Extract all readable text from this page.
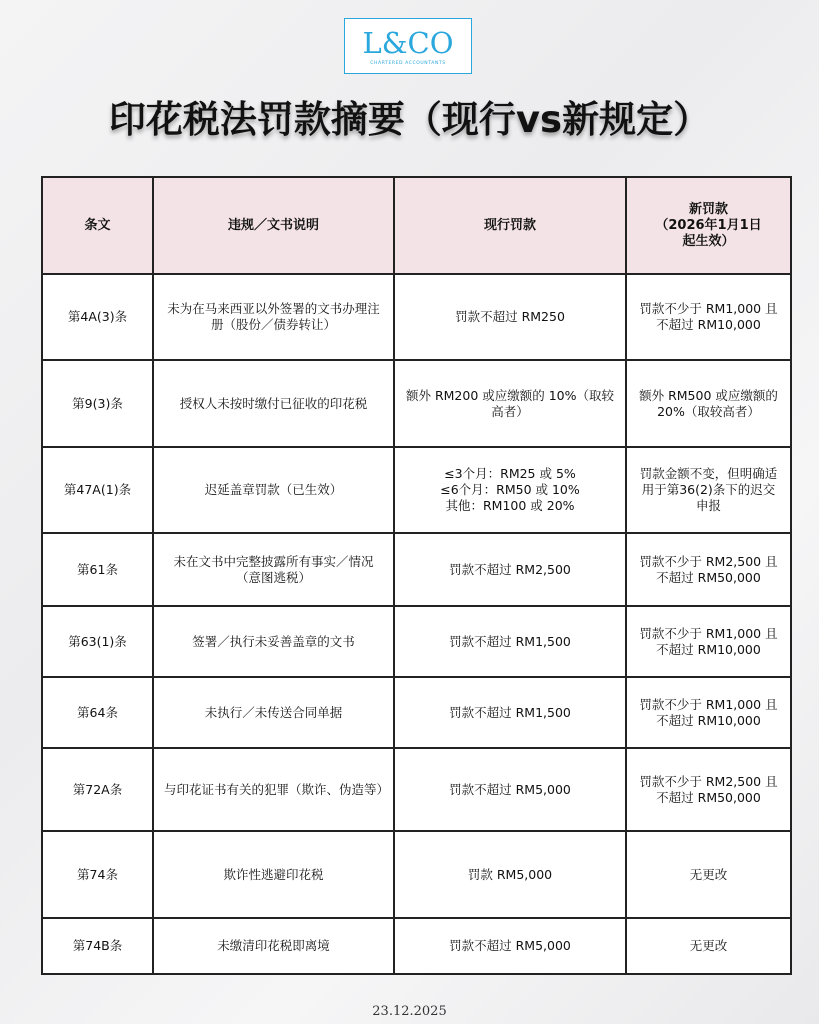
L&CO
CHARTERED ACCOUNTANTS
印花税法罚款摘要（现行vs新规定）
条文	违规／文书说明	现行罚款	新罚款
（2026年1月1日
起生效）

第4A(3)条	未为在马来西亚以外签署的文书办理注册（股份／债券转让）	罚款不超过 RM250	罚款不少于 RM1,000 且不超过 RM10,000
第9(3)条	授权人未按时缴付已征收的印花税	额外 RM200 或应缴额的 10%（取较高者）	额外 RM500 或应缴额的 20%（取较高者）
第47A(1)条	迟延盖章罚款（已生效）	≤3个月：RM25 或 5%
≤6个月：RM50 或 10%
其他：RM100 或 20%	罚款金额不变，但明确适用于第36(2)条下的迟交申报
第61条	未在文书中完整披露所有事实／情况（意图逃税）	罚款不超过 RM2,500	罚款不少于 RM2,500 且不超过 RM50,000
第63(1)条	签署／执行未妥善盖章的文书	罚款不超过 RM1,500	罚款不少于 RM1,000 且不超过 RM10,000
第64条	未执行／未传送合同单据	罚款不超过 RM1,500	罚款不少于 RM1,000 且不超过 RM10,000
第72A条	与印花证书有关的犯罪（欺诈、伪造等）	罚款不超过 RM5,000	罚款不少于 RM2,500 且不超过 RM50,000
第74条	欺诈性逃避印花税	罚款 RM5,000	无更改
第74B条	未缴清印花税即离境	罚款不超过 RM5,000	无更改
23.12.2025
